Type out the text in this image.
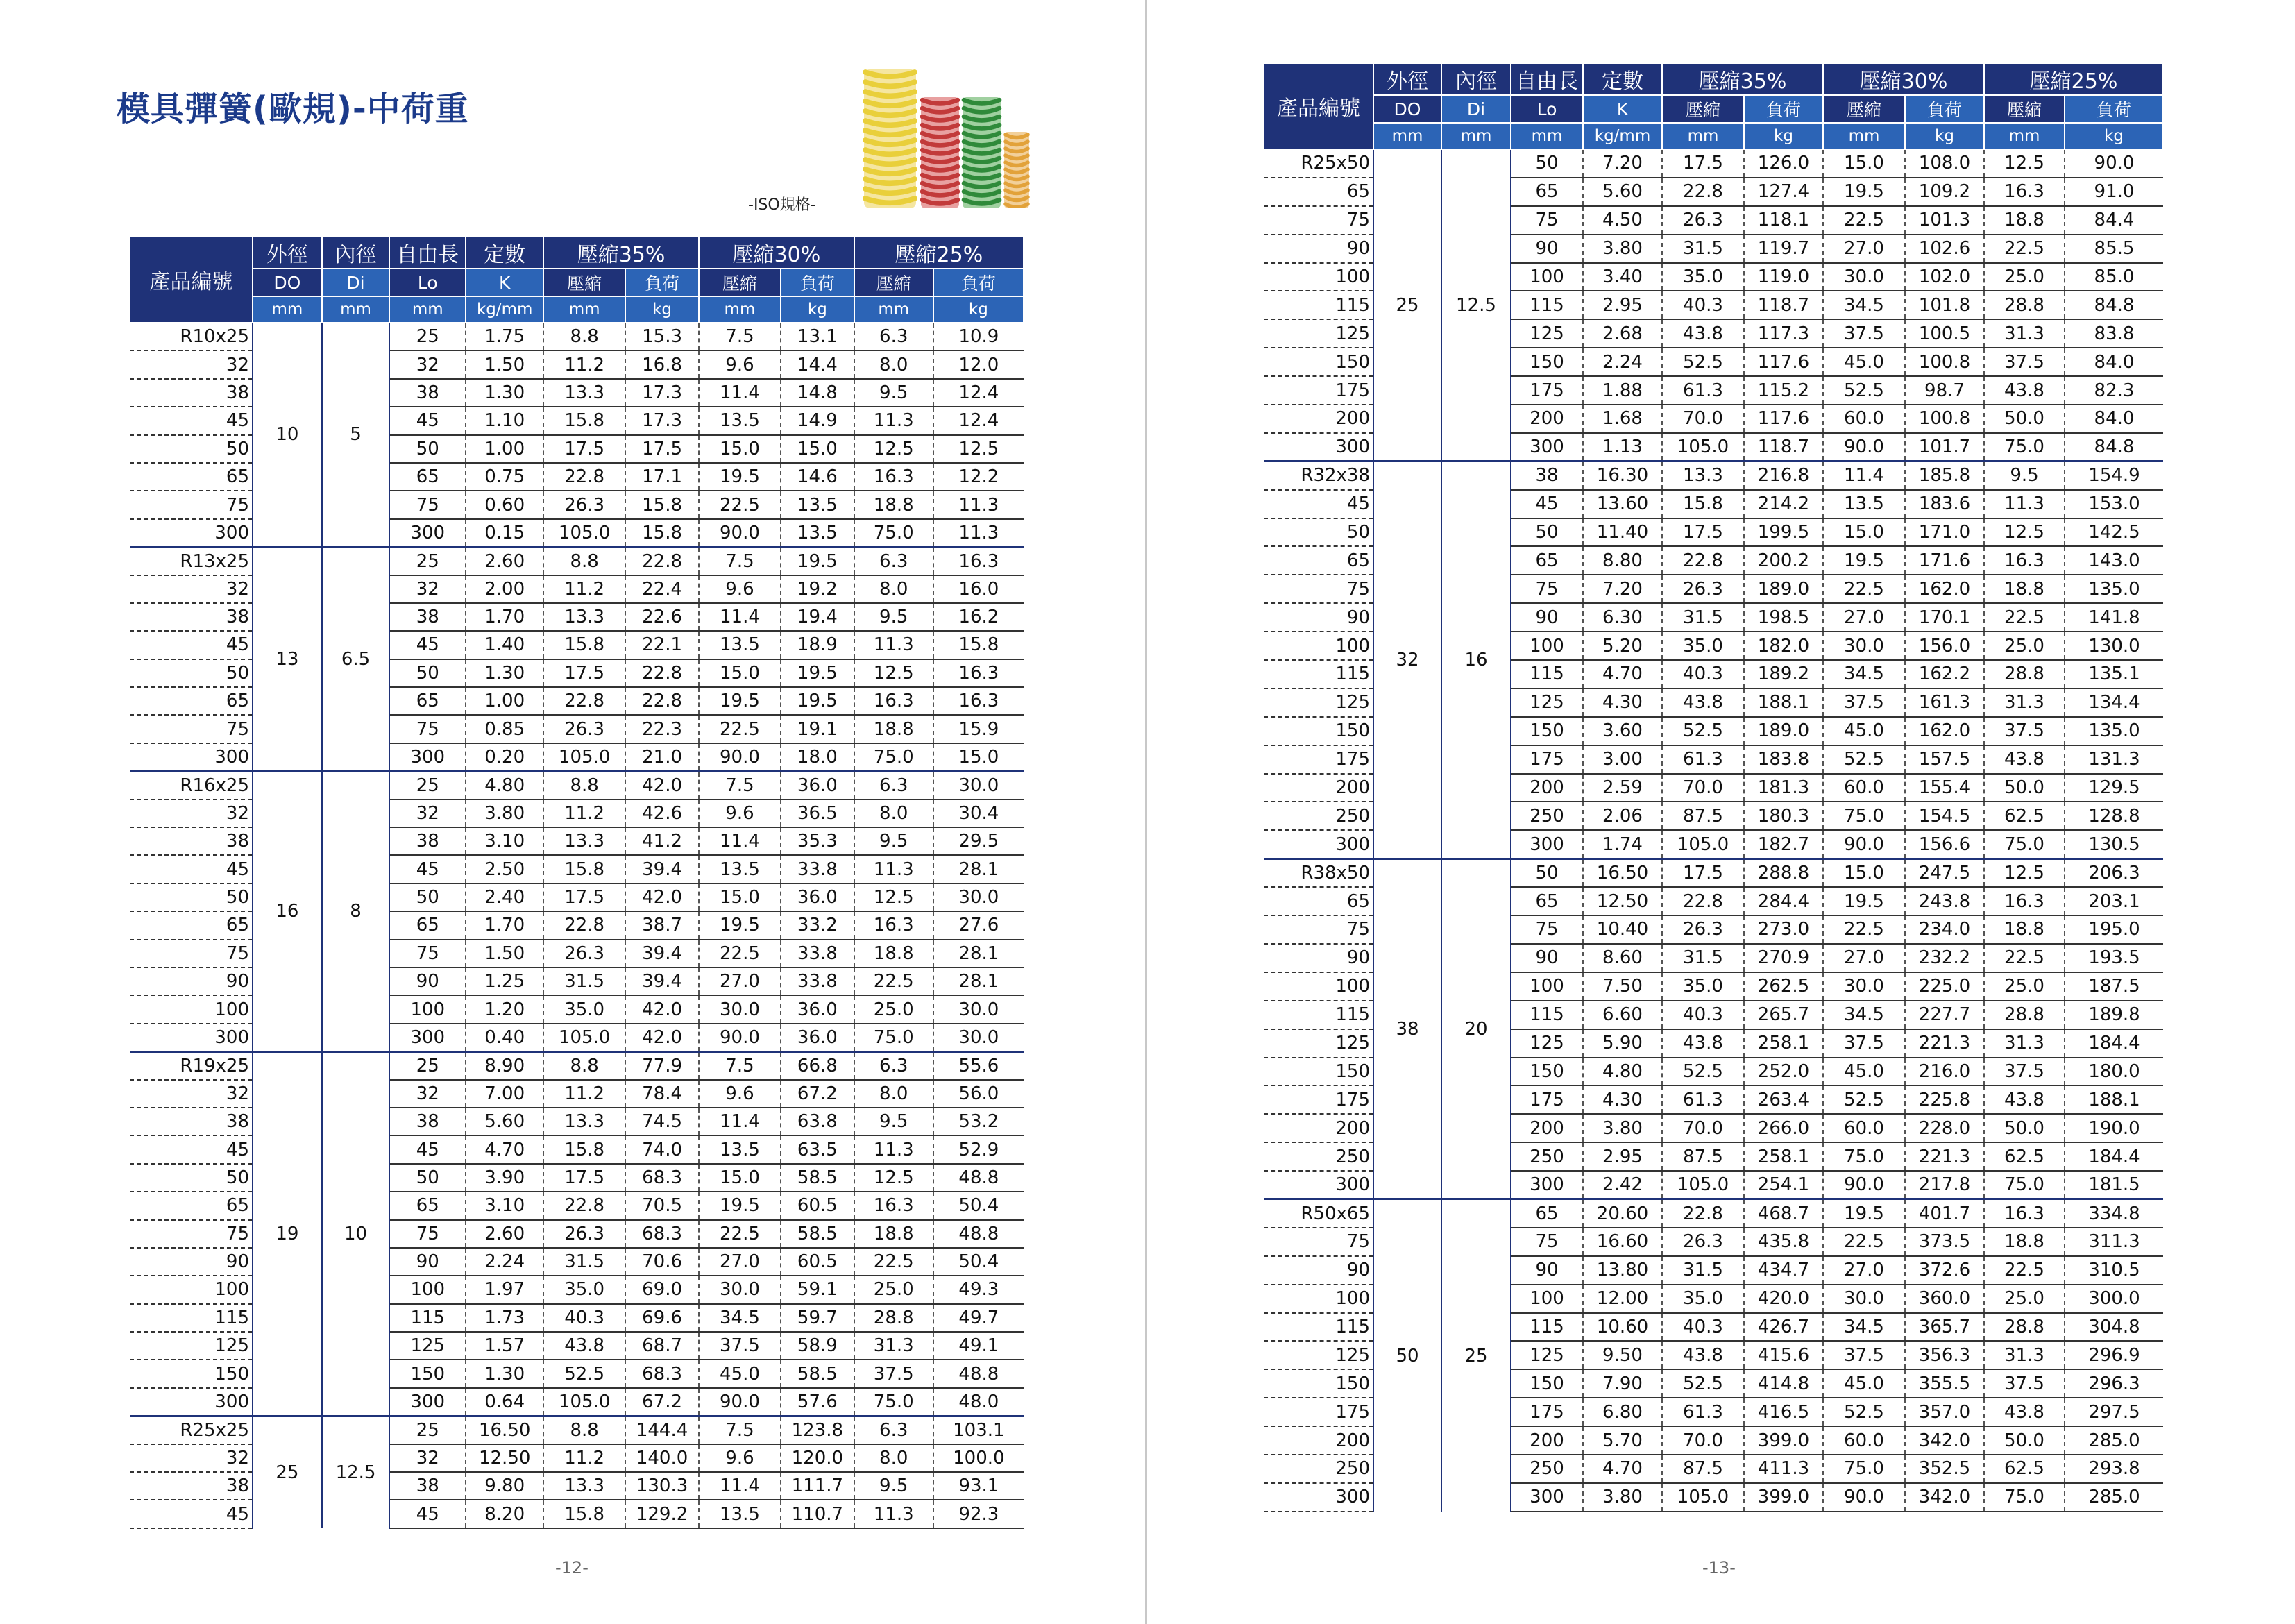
模具彈簧(歐規)-中荷重
-ISO規格-
產品編號	外徑	內徑	自由長	定數	壓縮35%		壓縮30%		壓縮25%	
	DO	Di	Lo	K	壓縮	負荷	壓縮	負荷	壓縮	負荷
	mm	mm	mm	kg/mm	mm	kg	mm	kg	mm	kg
R10x25	10	5	25	1.75	8.8	15.3	7.5	13.1	6.3	10.9
32			32	1.50	11.2	16.8	9.6	14.4	8.0	12.0
38			38	1.30	13.3	17.3	11.4	14.8	9.5	12.4
45			45	1.10	15.8	17.3	13.5	14.9	11.3	12.4
50			50	1.00	17.5	17.5	15.0	15.0	12.5	12.5
65			65	0.75	22.8	17.1	19.5	14.6	16.3	12.2
75			75	0.60	26.3	15.8	22.5	13.5	18.8	11.3
300			300	0.15	105.0	15.8	90.0	13.5	75.0	11.3
R13x25	13	6.5	25	2.60	8.8	22.8	7.5	19.5	6.3	16.3
32			32	2.00	11.2	22.4	9.6	19.2	8.0	16.0
38			38	1.70	13.3	22.6	11.4	19.4	9.5	16.2
45			45	1.40	15.8	22.1	13.5	18.9	11.3	15.8
50			50	1.30	17.5	22.8	15.0	19.5	12.5	16.3
65			65	1.00	22.8	22.8	19.5	19.5	16.3	16.3
75			75	0.85	26.3	22.3	22.5	19.1	18.8	15.9
300			300	0.20	105.0	21.0	90.0	18.0	75.0	15.0
R16x25	16	8	25	4.80	8.8	42.0	7.5	36.0	6.3	30.0
32			32	3.80	11.2	42.6	9.6	36.5	8.0	30.4
38			38	3.10	13.3	41.2	11.4	35.3	9.5	29.5
45			45	2.50	15.8	39.4	13.5	33.8	11.3	28.1
50			50	2.40	17.5	42.0	15.0	36.0	12.5	30.0
65			65	1.70	22.8	38.7	19.5	33.2	16.3	27.6
75			75	1.50	26.3	39.4	22.5	33.8	18.8	28.1
90			90	1.25	31.5	39.4	27.0	33.8	22.5	28.1
100			100	1.20	35.0	42.0	30.0	36.0	25.0	30.0
300			300	0.40	105.0	42.0	90.0	36.0	75.0	30.0
R19x25	19	10	25	8.90	8.8	77.9	7.5	66.8	6.3	55.6
32			32	7.00	11.2	78.4	9.6	67.2	8.0	56.0
38			38	5.60	13.3	74.5	11.4	63.8	9.5	53.2
45			45	4.70	15.8	74.0	13.5	63.5	11.3	52.9
50			50	3.90	17.5	68.3	15.0	58.5	12.5	48.8
65			65	3.10	22.8	70.5	19.5	60.5	16.3	50.4
75			75	2.60	26.3	68.3	22.5	58.5	18.8	48.8
90			90	2.24	31.5	70.6	27.0	60.5	22.5	50.4
100			100	1.97	35.0	69.0	30.0	59.1	25.0	49.3
115			115	1.73	40.3	69.6	34.5	59.7	28.8	49.7
125			125	1.57	43.8	68.7	37.5	58.9	31.3	49.1
150			150	1.30	52.5	68.3	45.0	58.5	37.5	48.8
300			300	0.64	105.0	67.2	90.0	57.6	75.0	48.0
R25x25	25	12.5	25	16.50	8.8	144.4	7.5	123.8	6.3	103.1
32			32	12.50	11.2	140.0	9.6	120.0	8.0	100.0
38			38	9.80	13.3	130.3	11.4	111.7	9.5	93.1
45			45	8.20	15.8	129.2	13.5	110.7	11.3	92.3
-12-
產品編號	外徑	內徑	自由長	定數	壓縮35%		壓縮30%		壓縮25%	
	DO	Di	Lo	K	壓縮	負荷	壓縮	負荷	壓縮	負荷
	mm	mm	mm	kg/mm	mm	kg	mm	kg	mm	kg
R25x50	25	12.5	50	7.20	17.5	126.0	15.0	108.0	12.5	90.0
65			65	5.60	22.8	127.4	19.5	109.2	16.3	91.0
75			75	4.50	26.3	118.1	22.5	101.3	18.8	84.4
90			90	3.80	31.5	119.7	27.0	102.6	22.5	85.5
100			100	3.40	35.0	119.0	30.0	102.0	25.0	85.0
115			115	2.95	40.3	118.7	34.5	101.8	28.8	84.8
125			125	2.68	43.8	117.3	37.5	100.5	31.3	83.8
150			150	2.24	52.5	117.6	45.0	100.8	37.5	84.0
175			175	1.88	61.3	115.2	52.5	98.7	43.8	82.3
200			200	1.68	70.0	117.6	60.0	100.8	50.0	84.0
300			300	1.13	105.0	118.7	90.0	101.7	75.0	84.8
R32x38	32	16	38	16.30	13.3	216.8	11.4	185.8	9.5	154.9
45			45	13.60	15.8	214.2	13.5	183.6	11.3	153.0
50			50	11.40	17.5	199.5	15.0	171.0	12.5	142.5
65			65	8.80	22.8	200.2	19.5	171.6	16.3	143.0
75			75	7.20	26.3	189.0	22.5	162.0	18.8	135.0
90			90	6.30	31.5	198.5	27.0	170.1	22.5	141.8
100			100	5.20	35.0	182.0	30.0	156.0	25.0	130.0
115			115	4.70	40.3	189.2	34.5	162.2	28.8	135.1
125			125	4.30	43.8	188.1	37.5	161.3	31.3	134.4
150			150	3.60	52.5	189.0	45.0	162.0	37.5	135.0
175			175	3.00	61.3	183.8	52.5	157.5	43.8	131.3
200			200	2.59	70.0	181.3	60.0	155.4	50.0	129.5
250			250	2.06	87.5	180.3	75.0	154.5	62.5	128.8
300			300	1.74	105.0	182.7	90.0	156.6	75.0	130.5
R38x50	38	20	50	16.50	17.5	288.8	15.0	247.5	12.5	206.3
65			65	12.50	22.8	284.4	19.5	243.8	16.3	203.1
75			75	10.40	26.3	273.0	22.5	234.0	18.8	195.0
90			90	8.60	31.5	270.9	27.0	232.2	22.5	193.5
100			100	7.50	35.0	262.5	30.0	225.0	25.0	187.5
115			115	6.60	40.3	265.7	34.5	227.7	28.8	189.8
125			125	5.90	43.8	258.1	37.5	221.3	31.3	184.4
150			150	4.80	52.5	252.0	45.0	216.0	37.5	180.0
175			175	4.30	61.3	263.4	52.5	225.8	43.8	188.1
200			200	3.80	70.0	266.0	60.0	228.0	50.0	190.0
250			250	2.95	87.5	258.1	75.0	221.3	62.5	184.4
300			300	2.42	105.0	254.1	90.0	217.8	75.0	181.5
R50x65	50	25	65	20.60	22.8	468.7	19.5	401.7	16.3	334.8
75			75	16.60	26.3	435.8	22.5	373.5	18.8	311.3
90			90	13.80	31.5	434.7	27.0	372.6	22.5	310.5
100			100	12.00	35.0	420.0	30.0	360.0	25.0	300.0
115			115	10.60	40.3	426.7	34.5	365.7	28.8	304.8
125			125	9.50	43.8	415.6	37.5	356.3	31.3	296.9
150			150	7.90	52.5	414.8	45.0	355.5	37.5	296.3
175			175	6.80	61.3	416.5	52.5	357.0	43.8	297.5
200			200	5.70	70.0	399.0	60.0	342.0	50.0	285.0
250			250	4.70	87.5	411.3	75.0	352.5	62.5	293.8
300			300	3.80	105.0	399.0	90.0	342.0	75.0	285.0
-13-
